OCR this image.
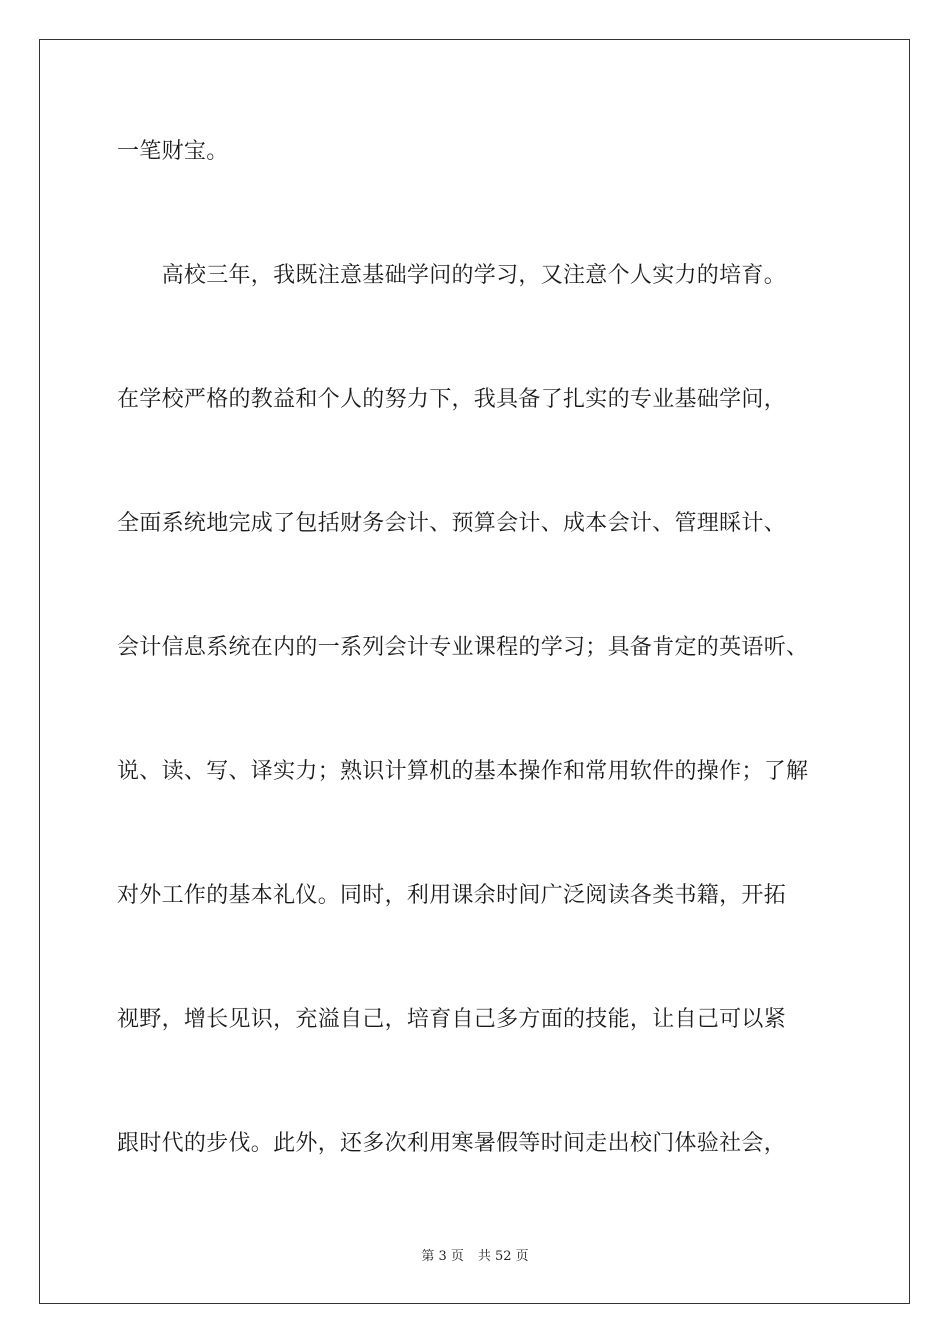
一笔财宝。
　　高校三年，我既注意基础学问的学习，又注意个人实力的培育。
在学校严格的教益和个人的努力下，我具备了扎实的专业基础学问，
全面系统地完成了包括财务会计、预算会计、成本会计、管理睬计、
会计信息系统在内的一系列会计专业课程的学习；具备肯定的英语听、
说、读、写、译实力；熟识计算机的基本操作和常用软件的操作；了解
对外工作的基本礼仪。同时，利用课余时间广泛阅读各类书籍，开拓
视野，增长见识，充溢自己，培育自己多方面的技能，让自己可以紧
跟时代的步伐。此外，还多次利用寒暑假等时间走出校门体验社会，
第 3 页 共 52 页
